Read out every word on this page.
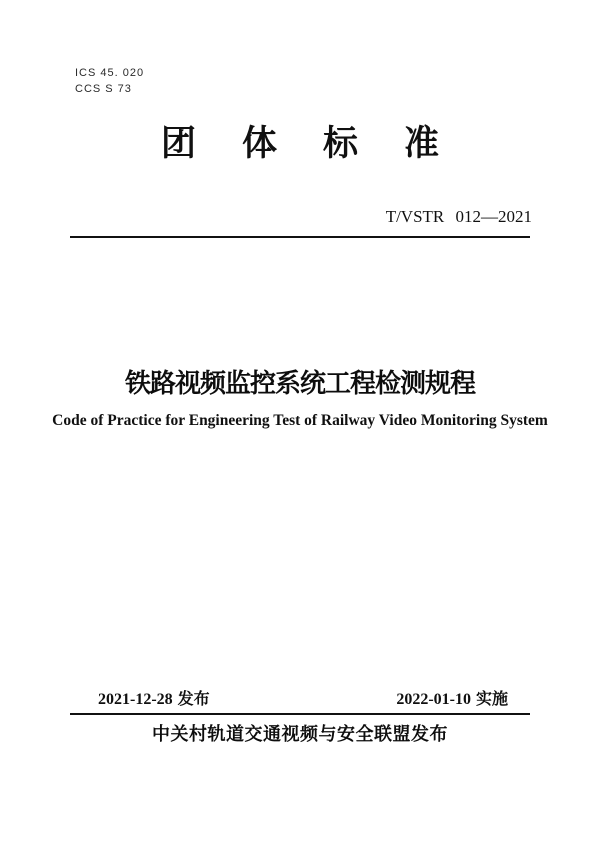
ICS 45. 020
CCS S 73
团体标准
T/VSTR 012—2021
铁路视频监控系统工程检测规程
Code of Practice for Engineering Test of Railway Video Monitoring System
2021-12-28 发布	2022-01-10 实施
中关村轨道交通视频与安全联盟发布
